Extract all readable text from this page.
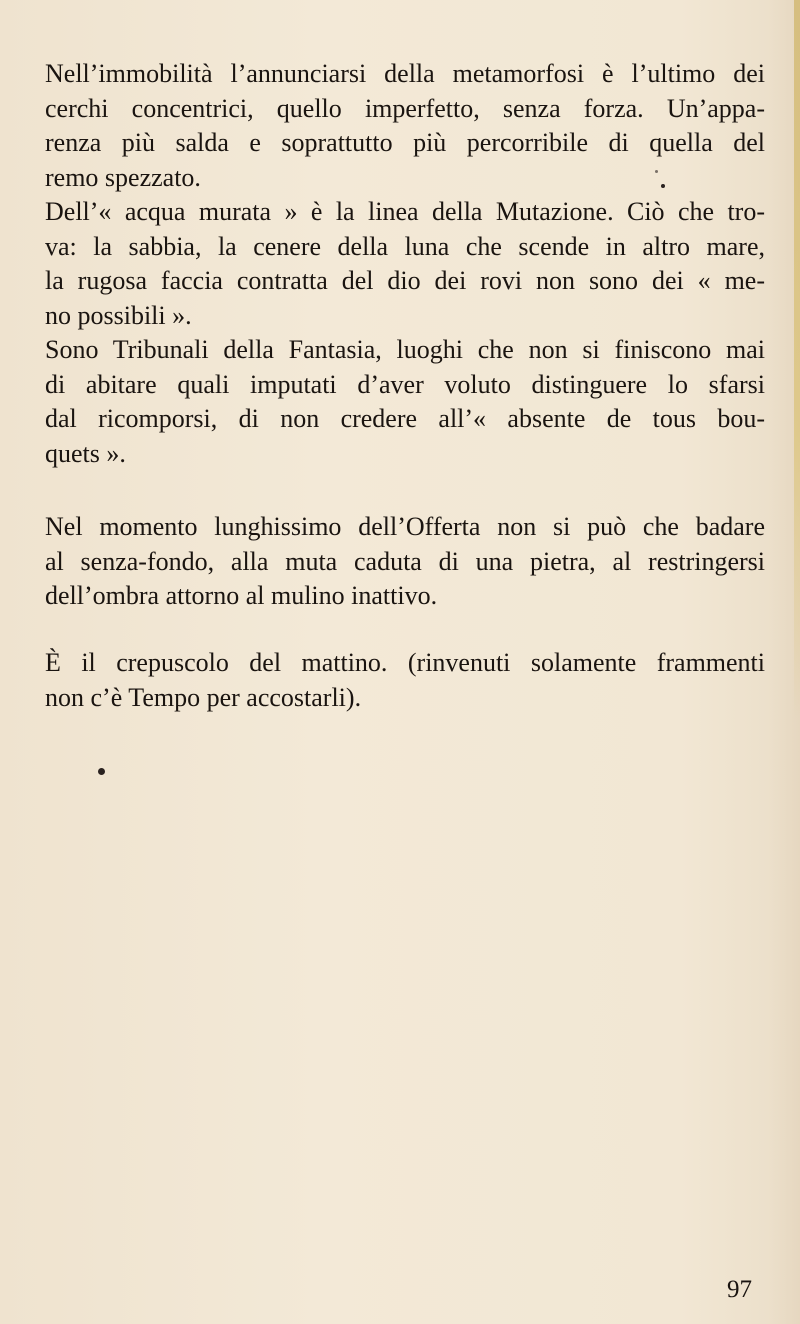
Nell’immobilità l’annunciarsi della metamorfosi è l’ultimo dei
cerchi concentrici, quello imperfetto, senza forza. Un’appa-
renza più salda e soprattutto più percorribile di quella del
remo spezzato.
Dell’« acqua murata » è la linea della Mutazione. Ciò che tro-
va: la sabbia, la cenere della luna che scende in altro mare,
la rugosa faccia contratta del dio dei rovi non sono dei « me-
no possibili ».
Sono Tribunali della Fantasia, luoghi che non si finiscono mai
di abitare quali imputati d’aver voluto distinguere lo sfarsi
dal ricomporsi, di non credere all’« absente de tous bou-
quets ».
Nel momento lunghissimo dell’Offerta non si può che badare
al senza-fondo, alla muta caduta di una pietra, al restringersi
dell’ombra attorno al mulino inattivo.
È il crepuscolo del mattino. (rinvenuti solamente frammenti
non c’è Tempo per accostarli).
97
